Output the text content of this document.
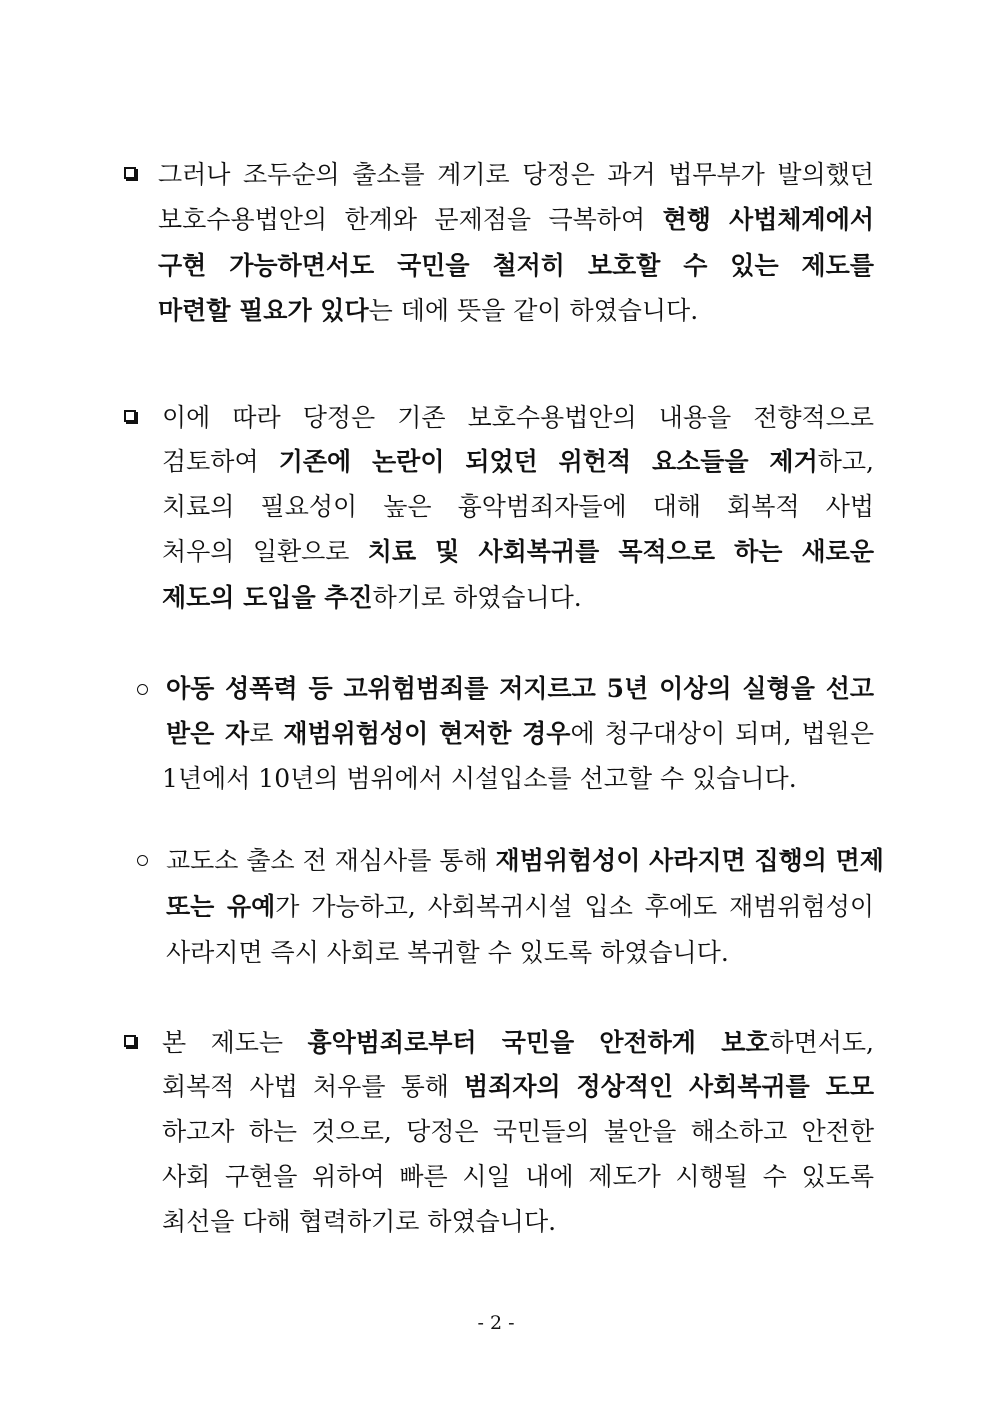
그러나 조두순의 출소를 계기로 당정은 과거 법무부가 발의했던
보호수용법안의 한계와 문제점을 극복하여 현행 사법체계에서
구현 가능하면서도 국민을 철저히 보호할 수 있는 제도를
마련할 필요가 있다는 데에 뜻을 같이 하였습니다.
이에 따라 당정은 기존 보호수용법안의 내용을 전향적으로
검토하여 기존에 논란이 되었던 위헌적 요소들을 제거하고,
치료의 필요성이 높은 흉악범죄자들에 대해 회복적 사법
처우의 일환으로 치료 및 사회복귀를 목적으로 하는 새로운
제도의 도입을 추진하기로 하였습니다.
아동 성폭력 등 고위험범죄를 저지르고 5년 이상의 실형을 선고
받은 자로 재범위험성이 현저한 경우에 청구대상이 되며, 법원은
1년에서 10년의 범위에서 시설입소를 선고할 수 있습니다.
교도소 출소 전 재심사를 통해 재범위험성이 사라지면 집행의 면제
또는 유예가 가능하고, 사회복귀시설 입소 후에도 재범위험성이
사라지면 즉시 사회로 복귀할 수 있도록 하였습니다.
본 제도는 흉악범죄로부터 국민을 안전하게 보호하면서도,
회복적 사법 처우를 통해 범죄자의 정상적인 사회복귀를 도모
하고자 하는 것으로, 당정은 국민들의 불안을 해소하고 안전한
사회 구현을 위하여 빠른 시일 내에 제도가 시행될 수 있도록
최선을 다해 협력하기로 하였습니다.
- 2 -
